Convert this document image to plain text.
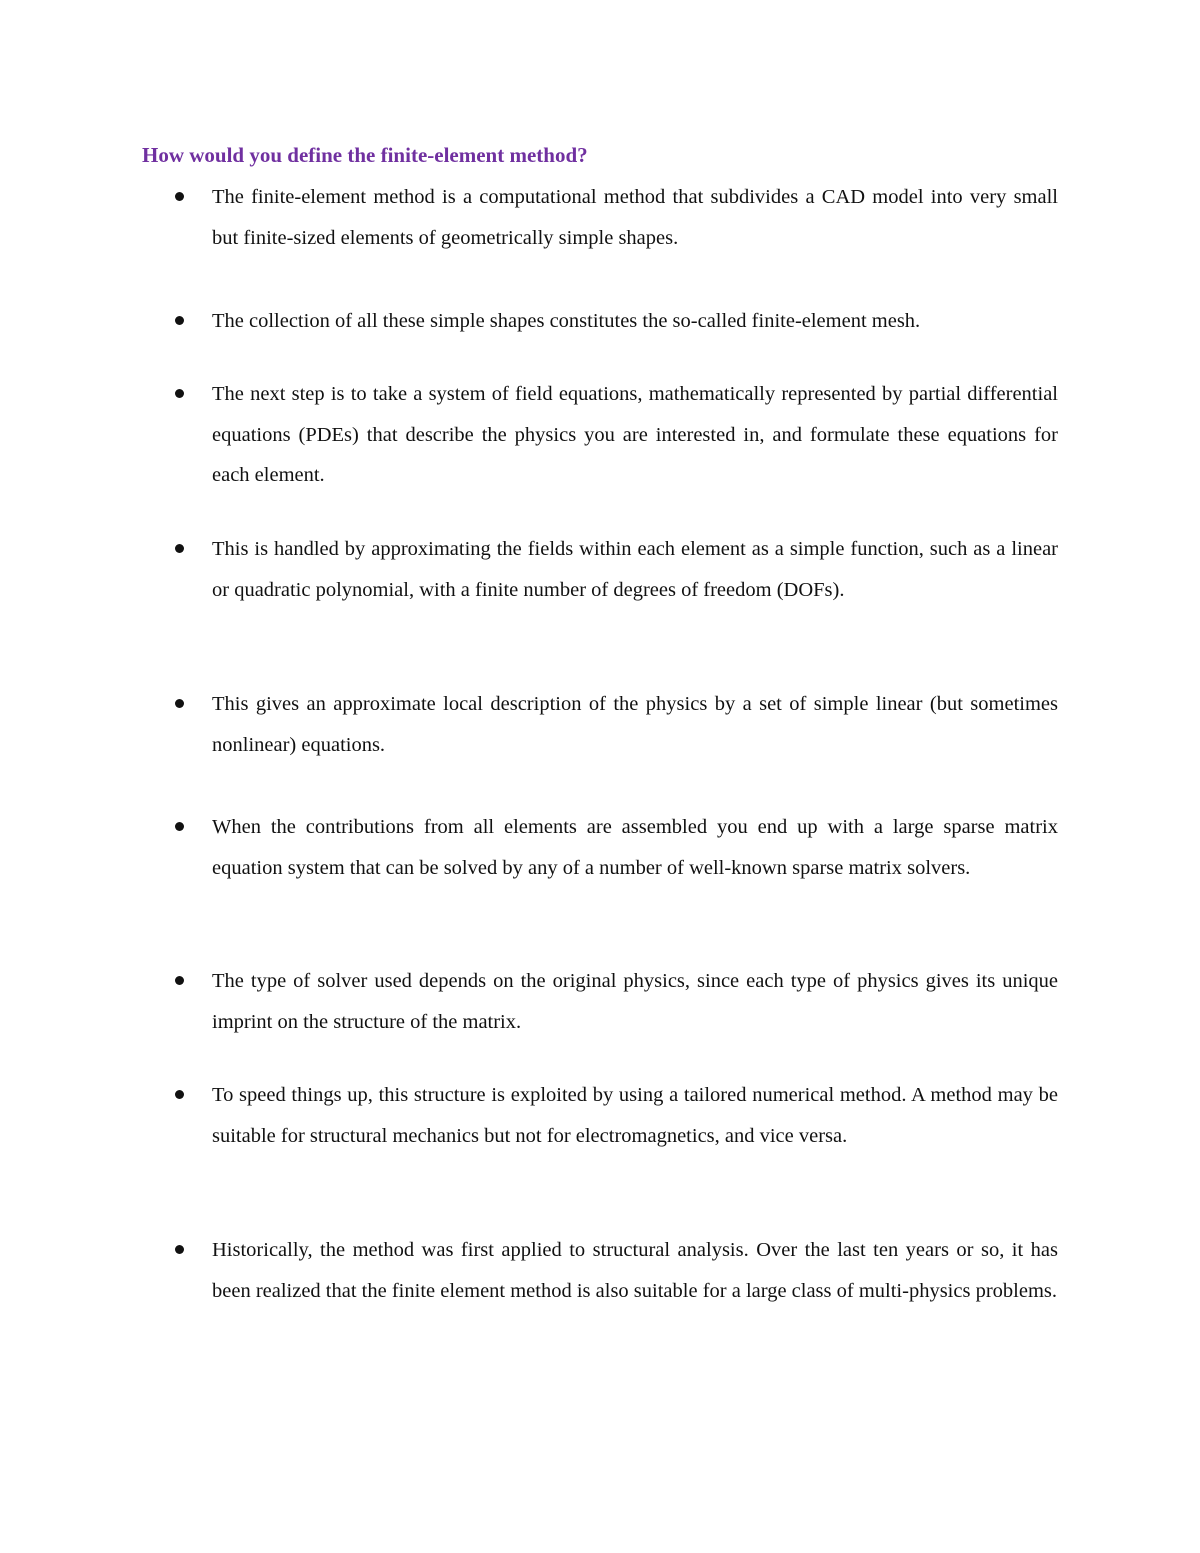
How would you define the finite-element method?

The finite-element method is a computational method that subdivides a CAD model into very small but finite-sized elements of geometrically simple shapes.

The collection of all these simple shapes constitutes the so-called finite-element mesh.

The next step is to take a system of field equations, mathematically represented by partial differential equations (PDEs) that describe the physics you are interested in, and formulate these equations for each element.

This is handled by approximating the fields within each element as a simple function, such as a linear or quadratic polynomial, with a finite number of degrees of freedom (DOFs).

This gives an approximate local description of the physics by a set of simple linear (but sometimes nonlinear) equations.

When the contributions from all elements are assembled you end up with a large sparse matrix equation system that can be solved by any of a number of well-known sparse matrix solvers.

The type of solver used depends on the original physics, since each type of physics gives its unique imprint on the structure of the matrix.

To speed things up, this structure is exploited by using a tailored numerical method. A method may be suitable for structural mechanics but not for electromagnetics, and vice versa.

Historically, the method was first applied to structural analysis. Over the last ten years or so, it has been realized that the finite element method is also suitable for a large class of multi-physics problems.
